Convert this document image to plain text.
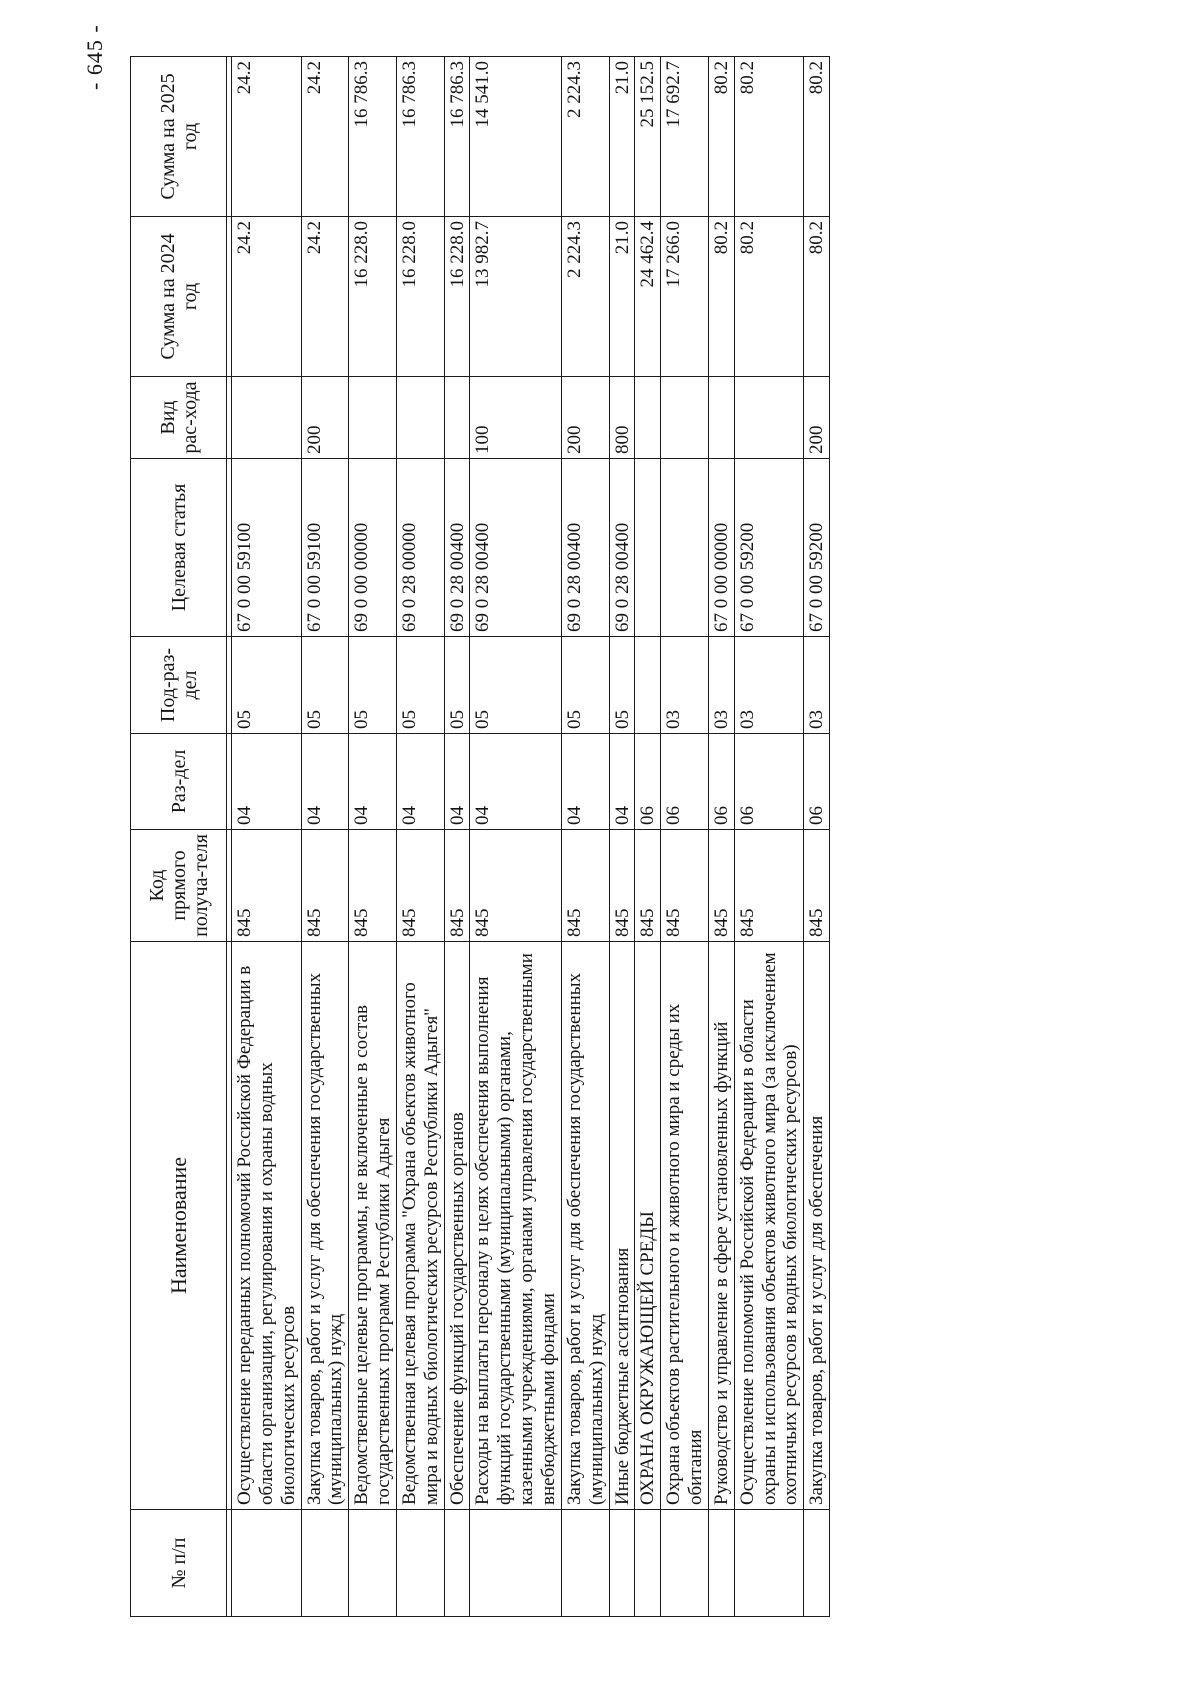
- 645 -
№ п/п	Наименование	Код прямого получа-теля	Раз-дел	Под-раз-дел	Целевая статья	Вид рас-хода	Сумма на 2024 год	Сумма на 2025 год

	Осуществление переданных полномочий Российской Федерации в области организации, регулирования и охраны водных биологических ресурсов	845	04	05	67 0 00 59100		24.2	24.2
	Закупка товаров, работ и услуг для обеспечения государственных (муниципальных) нужд	845	04	05	67 0 00 59100	200	24.2	24.2
	Ведомственные целевые программы, не включенные в состав государственных программ Республики Адыгея	845	04	05	69 0 00 00000		16 228.0	16 786.3
	Ведомственная целевая программа "Охрана объектов животного мира и водных биологических ресурсов Республики Адыгея"	845	04	05	69 0 28 00000		16 228.0	16 786.3
	Обеспечение функций государственных органов	845	04	05	69 0 28 00400		16 228.0	16 786.3
	Расходы на выплаты персоналу в целях обеспечения выполнения функций государственными (муниципальными) органами, казенными учреждениями, органами управления государственными внебюджетными фондами	845	04	05	69 0 28 00400	100	13 982.7	14 541.0
	Закупка товаров, работ и услуг для обеспечения государственных (муниципальных) нужд	845	04	05	69 0 28 00400	200	2 224.3	2 224.3
	Иные бюджетные ассигнования	845	04	05	69 0 28 00400	800	21.0	21.0
	ОХРАНА ОКРУЖАЮЩЕЙ СРЕДЫ	845	06				24 462.4	25 152.5
	Охрана объектов растительного и животного мира и среды их обитания	845	06	03			17 266.0	17 692.7
	Руководство и управление в сфере установленных функций	845	06	03	67 0 00 00000		80.2	80.2
	Осуществление полномочий Российской Федерации в области охраны и использования объектов животного мира (за исключением охотничьих ресурсов и водных биологических ресурсов)	845	06	03	67 0 00 59200		80.2	80.2
	Закупка товаров, работ и услуг для обеспечения	845	06	03	67 0 00 59200	200	80.2	80.2
